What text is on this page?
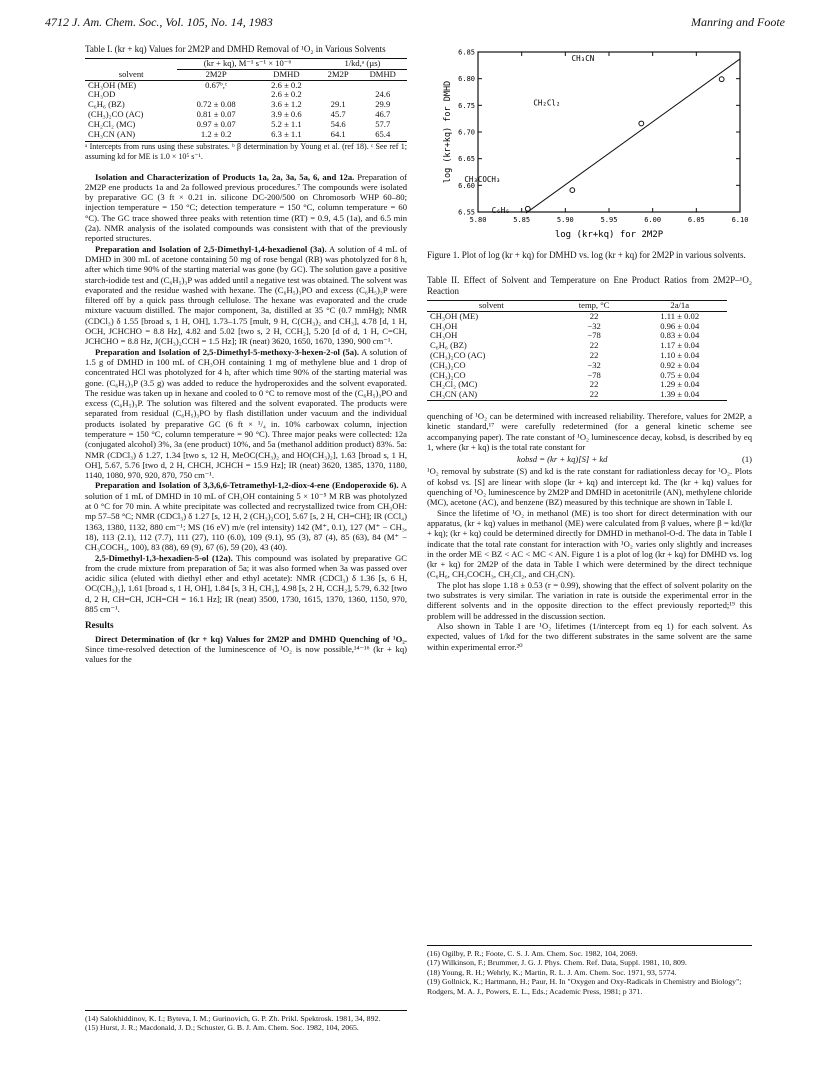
4712 J. Am. Chem. Soc., Vol. 105, No. 14, 1983	Manring and Foote
Table I. (kr + kq) Values for 2M2P and DMHD Removal of ¹O₂ in Various Solvents
	(kr + kq), M⁻¹ s⁻¹ × 10⁻⁶		1/kd,ᵃ (µs)	
solvent	2M2P	DMHD	2M2P	DMHD
CH₃OH (ME)	0.67ᵇ,ᶜ	2.6 ± 0.2		
CH₃OD		2.6 ± 0.2		24.6
C₆H₆ (BZ)	0.72 ± 0.08	3.6 ± 1.2	29.1	29.9
(CH₃)₂CO (AC)	0.81 ± 0.07	3.9 ± 0.6	45.7	46.7
CH₂Cl₂ (MC)	0.97 ± 0.07	5.2 ± 1.1	54.6	57.7
CH₃CN (AN)	1.2 ± 0.2	6.3 ± 1.1	64.1	65.4
ᵃ Intercepts from runs using these substrates. ᵇ β determination by Young et al. (ref 18). ᶜ See ref 1; assuming kd for ME is 1.0 × 10⁵ s⁻¹.

Isolation and Characterization of Products 1a, 2a, 3a, 5a, 6, and 12a. Preparation of 2M2P ene products 1a and 2a followed previous procedures.⁷ The compounds were isolated by preparative GC (3 ft × 0.21 in. silicone DC-200/500 on Chromosorb WHP 60–80; injection temperature = 150 °C; detection temperature = 150 °C, column temperature = 60 °C). The GC trace showed three peaks with retention time (RT) = 0.9, 4.5 (1a), and 6.5 min (2a). NMR analysis of the isolated compounds was consistent with that of the previously reported structures.

Preparation and Isolation of 2,5-Dimethyl-1,4-hexadienol (3a). A solution of 4 mL of DMHD in 300 mL of acetone containing 50 mg of rose bengal (RB) was photolyzed for 8 h, after which time 90% of the starting material was gone (by GC). The solution gave a positive starch-iodide test and (C₆H₅)₃P was added until a negative test was obtained. The solvent was evaporated and the residue washed with hexane. The (C₆H₅)₃PO and excess (C₆H₅)₃P were filtered off by a quick pass through cellulose. The hexane was evaporated and the crude mixture vacuum distilled. The major component, 3a, distilled at 35 °C (0.7 mmHg); NMR (CDCl₃) δ 1.55 [broad s, 1 H, OH], 1.73–1.75 [mult, 9 H, C(CH₃)₂ and CH₃], 4.78 [d, 1 H, OCH, JCHCHO = 8.8 Hz], 4.82 and 5.02 [two s, 2 H, CCH₂], 5.20 [d of d, 1 H, C=CH, JCHCHO = 8.8 Hz, J(CH₃)₂CCH = 1.5 Hz]; IR (neat) 3620, 1650, 1670, 1390, 900 cm⁻¹.

Preparation and Isolation of 2,5-Dimethyl-5-methoxy-3-hexen-2-ol (5a). A solution of 1.5 g of DMHD in 100 mL of CH₃OH containing 1 mg of methylene blue and 1 drop of concentrated HCl was photolyzed for 4 h, after which time 90% of the starting material was gone. (C₆H₅)₃P (3.5 g) was added to reduce the hydroperoxides and the solvent evaporated. The residue was taken up in hexane and cooled to 0 °C to remove most of the (C₆H₅)₃PO and excess (C₆H₅)₃P. The solution was filtered and the solvent evaporated. The products were separated from residual (C₆H₅)₃PO by flash distillation under vacuum and the individual products isolated by preparative GC (6 ft × ¹/₄ in. 10% carbowax column, injection temperature = 150 °C, column temperature = 90 °C). Three major peaks were collected: 12a (conjugated alcohol) 3%, 3a (ene product) 10%, and 5a (methanol addition product) 83%. 5a: NMR (CDCl₃) δ 1.27, 1.34 [two s, 12 H, MeOC(CH₃)₂ and HO(CH₃)₂], 1.63 [broad s, 1 H, OH], 5.67, 5.76 [two d, 2 H, CHCH, JCHCH = 15.9 Hz]; IR (neat) 3620, 1385, 1370, 1180, 1140, 1080, 970, 920, 870, 750 cm⁻¹.

Preparation and Isolation of 3,3,6,6-Tetramethyl-1,2-diox-4-ene (Endoperoxide 6). A solution of 1 mL of DMHD in 10 mL of CH₃OH containing 5 × 10⁻⁵ M RB was photolyzed at 0 °C for 70 min. A white precipitate was collected and recrystallized twice from CH₃OH: mp 57–58 °C; NMR (CDCl₃) δ 1.27 [s, 12 H, 2 (CH₃)₂CO], 5.67 [s, 2 H, CH=CH]; IR (CCl₄) 1363, 1380, 1132, 880 cm⁻¹; MS (16 eV) m/e (rel intensity) 142 (M⁺, 0.1), 127 (M⁺ − CH₃, 18), 113 (2.1), 112 (7.7), 111 (27), 110 (6.0), 109 (9.1), 95 (3), 87 (4), 85 (63), 84 (M⁺ − CH₃COCH₃, 100), 83 (88), 69 (9), 67 (6), 59 (20), 43 (40).

2,5-Dimethyl-1,3-hexadien-5-ol (12a). This compound was isolated by preparative GC from the crude mixture from preparation of 5a; it was also formed when 3a was passed over acidic silica (eluted with diethyl ether and ethyl acetate): NMR (CDCl₃) δ 1.36 [s, 6 H, OC(CH₃)₂], 1.61 [broad s, 1 H, OH], 1.84 [s, 3 H, CH₃], 4.98 [s, 2 H, CCH₂], 5.79, 6.32 [two d, 2 H, CH=CH, JCH=CH = 16.1 Hz]; IR (neat) 3500, 1730, 1615, 1370, 1360, 1150, 970, 885 cm⁻¹.

Results

Direct Determination of (kr + kq) Values for 2M2P and DMHD Quenching of ¹O₂. Since time-resolved detection of the luminescence of ¹O₂ is now possible,¹⁴⁻¹⁶ (kr + kq) values for the

(14) Salokhiddinov, K. I.; Byteva, I. M.; Gurinovich, G. P. Zh. Prikl. Spektrosk. 1981, 34, 892.
(15) Hurst, J. R.; Macdonald, J. D.; Schuster, G. B. J. Am. Chem. Soc. 1982, 104, 2065.
5.80	5.85	5.90	5.95	6.00	6.05	6.10
6.55
6.60
6.65
6.70
6.75
6.80
6.85
C₆H₆
CH₃COCH₃
CH₂Cl₂
CH₃CN
log (kr+kq) for 2M2P
log (kr+kq) for DMHD
Figure 1. Plot of log (kr + kq) for DMHD vs. log (kr + kq) for 2M2P in various solvents.
Table II. Effect of Solvent and Temperature on Ene Product Ratios from 2M2P–¹O₂ Reaction
solvent	temp, °C	2a/1a
CH₃OH (ME)	22	1.11 ± 0.02
CH₃OH	−32	0.96 ± 0.04
CH₃OH	−78	0.83 ± 0.04
C₆H₆ (BZ)	22	1.17 ± 0.04
(CH₃)₂CO (AC)	22	1.10 ± 0.04
(CH₃)₂CO	−32	0.92 ± 0.04
(CH₃)₂CO	−78	0.75 ± 0.04
CH₂Cl₂ (MC)	22	1.29 ± 0.04
CH₃CN (AN)	22	1.39 ± 0.04

quenching of ¹O₂ can be determined with increased reliability. Therefore, values for 2M2P, a kinetic standard,¹⁷ were carefully redetermined (for a general kinetic scheme see accompanying paper). The rate constant of ¹O₂ luminescence decay, kobsd, is described by eq 1, where (kr + kq) is the total rate constant for

kobsd = (kr + kq)[S] + kd	(1)

¹O₂ removal by substrate (S) and kd is the rate constant for radiationless decay for ¹O₂. Plots of kobsd vs. [S] are linear with slope (kr + kq) and intercept kd. The (kr + kq) values for quenching of ¹O₂ luminescence by 2M2P and DMHD in acetonitrile (AN), methylene chloride (MC), acetone (AC), and benzene (BZ) measured by this technique are shown in Table I.

Since the lifetime of ¹O₂ in methanol (ME) is too short for direct determination with our apparatus, (kr + kq) values in methanol (ME) were calculated from β values, where β = kd/(kr + kq); (kr + kq) could be determined directly for DMHD in methanol-O-d. The data in Table I indicate that the total rate constant for interaction with ¹O₂ varies only slightly and increases in the order ME < BZ < AC < MC < AN. Figure 1 is a plot of log (kr + kq) for DMHD vs. log (kr + kq) for 2M2P of the data in Table I which were determined by the direct technique (C₆H₆, CH₃COCH₃, CH₂Cl₂, and CH₃CN).

The plot has slope 1.18 ± 0.53 (r = 0.99), showing that the effect of solvent polarity on the two substrates is very similar. The variation in rate is outside the experimental error in the different solvents and in the opposite direction to the effect previously reported;¹⁹ this problem will be addressed in the discussion section.

Also shown in Table I are ¹O₂ lifetimes (1/intercept from eq 1) for each solvent. As expected, values of 1/kd for the two different substrates in the same solvent are the same within experimental error.²⁰

(16) Ogilby, P. R.; Foote, C. S. J. Am. Chem. Soc. 1982, 104, 2069.
(17) Wilkinson, F.; Brummer, J. G. J. Phys. Chem. Ref. Data, Suppl. 1981, 10, 809.
(18) Young, R. H.; Wehrly, K.; Martin, R. L. J. Am. Chem. Soc. 1971, 93, 5774.
(19) Gollnick, K.; Hartmann, H.; Paur, H. In "Oxygen and Oxy-Radicals in Chemistry and Biology"; Rodgers, M. A. J., Powers, E. L., Eds.; Academic Press, 1981; p 371.
